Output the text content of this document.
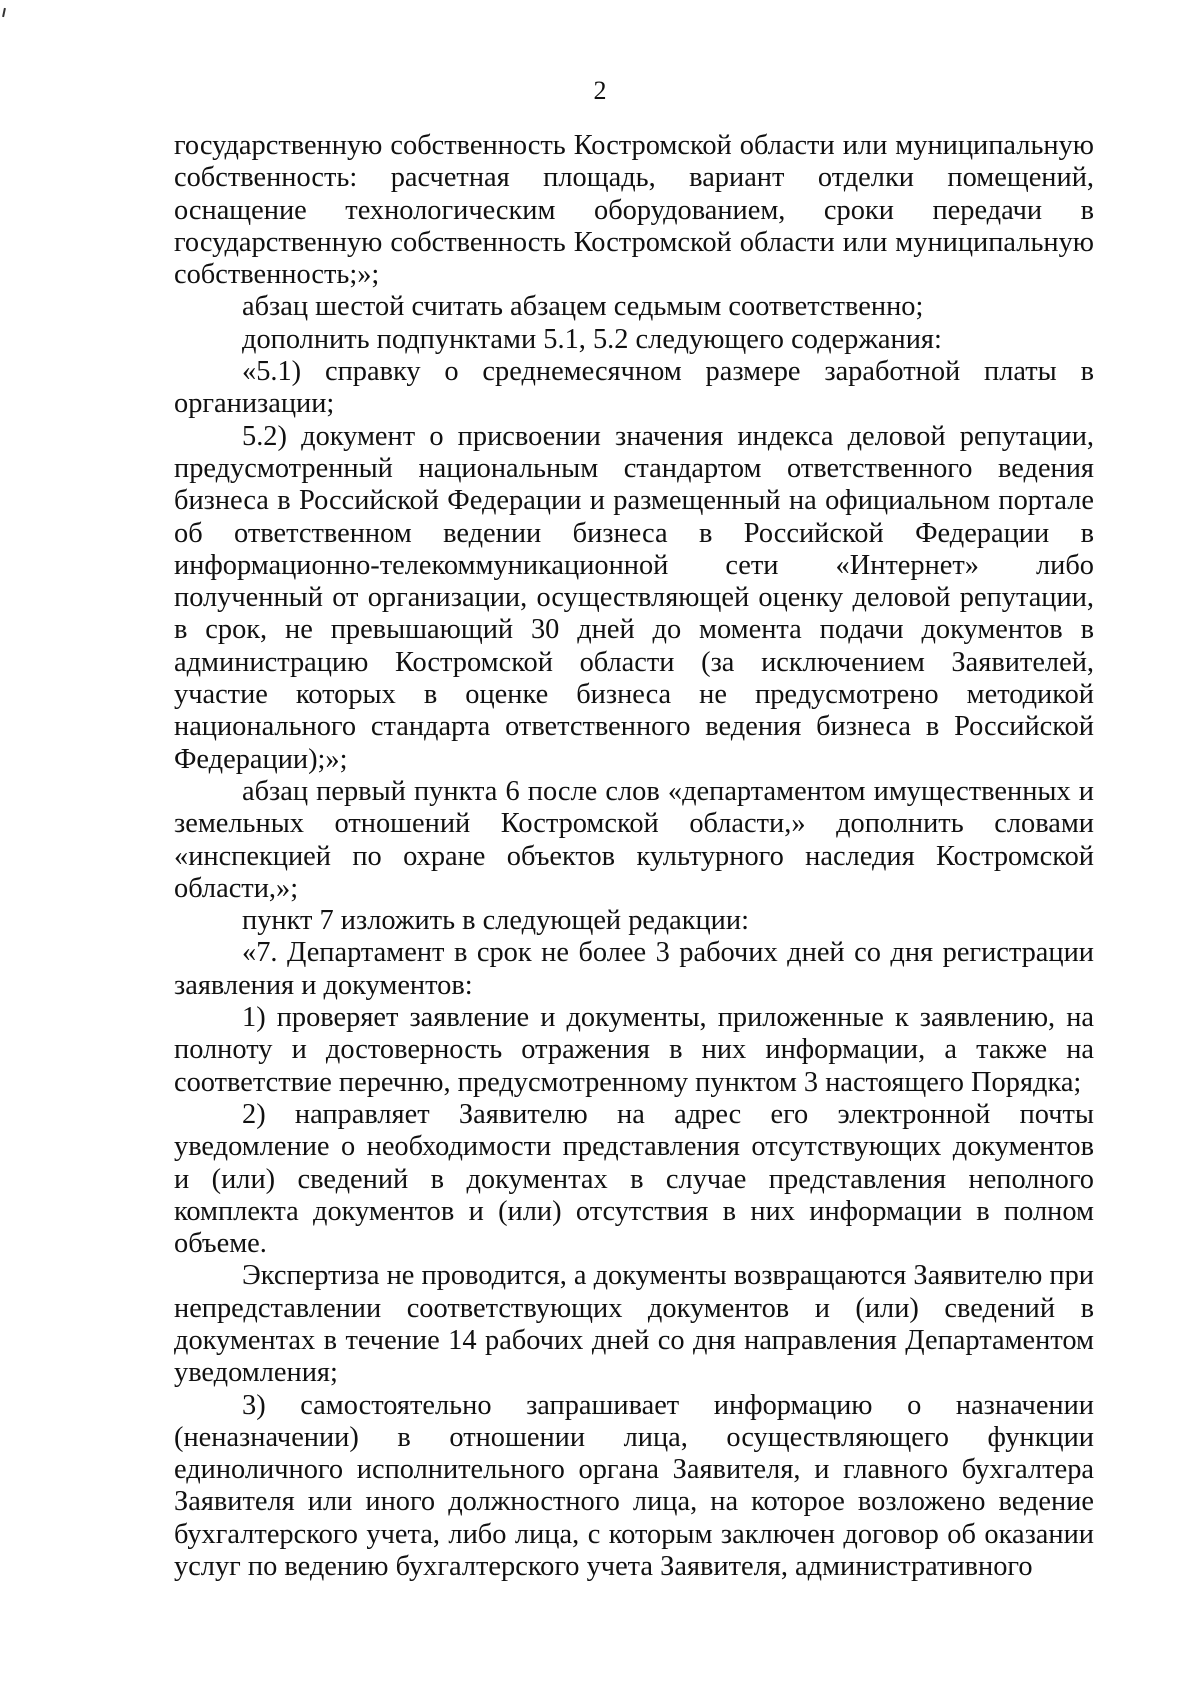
2

государственную собственность Костромской области или муниципальную собственность: расчетная площадь, вариант отделки помещений, оснащение технологическим оборудованием, сроки передачи в государственную собственность Костромской области или муниципальную собственность;»;

абзац шестой считать абзацем седьмым соответственно;

дополнить подпунктами 5.1, 5.2 следующего содержания:

«5.1) справку о среднемесячном размере заработной платы в организации;

5.2) документ о присвоении значения индекса деловой репутации, предусмотренный национальным стандартом ответственного ведения бизнеса в Российской Федерации и размещенный на официальном портале об ответственном ведении бизнеса в Российской Федерации в информационно-телекоммуникационной сети «Интернет» либо полученный от организации, осуществляющей оценку деловой репутации, в срок, не превышающий 30 дней до момента подачи документов в администрацию Костромской области (за исключением Заявителей, участие которых в оценке бизнеса не предусмотрено методикой национального стандарта ответственного ведения бизнеса в Российской Федерации);»;

абзац первый пункта 6 после слов «департаментом имущественных и земельных отношений Костромской области,» дополнить словами «инспекцией по охране объектов культурного наследия Костромской области,»;

пункт 7 изложить в следующей редакции:

«7. Департамент в срок не более 3 рабочих дней со дня регистрации заявления и документов:

1) проверяет заявление и документы, приложенные к заявлению, на полноту и достоверность отражения в них информации, а также на соответствие перечню, предусмотренному пунктом 3 настоящего Порядка;

2) направляет Заявителю на адрес его электронной почты уведомление о необходимости представления отсутствующих документов и (или) сведений в документах в случае представления неполного комплекта документов и (или) отсутствия в них информации в полном объеме.

Экспертиза не проводится, а документы возвращаются Заявителю при непредставлении соответствующих документов и (или) сведений в документах в течение 14 рабочих дней со дня направления Департаментом уведомления;

3) самостоятельно запрашивает информацию о назначении (неназначении) в отношении лица, осуществляющего функции единоличного исполнительного органа Заявителя, и главного бухгалтера Заявителя или иного должностного лица, на которое возложено ведение бухгалтерского учета, либо лица, с которым заключен договор об оказании услуг по ведению бухгалтерского учета Заявителя, административного
